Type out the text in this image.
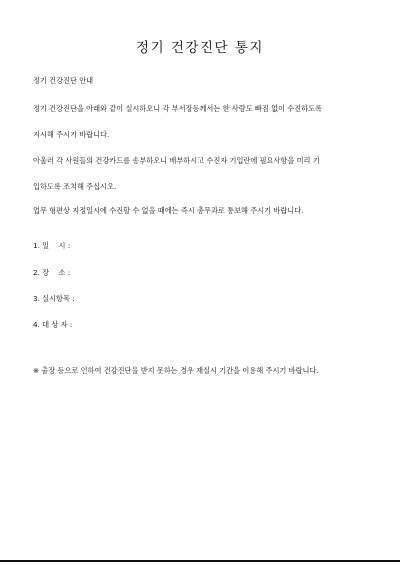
정기 건강진단 통지

정기 건강진단 안내

정기 건강진단을 아래와 같이 실시하오니 각 부서장등께서는 한 사람도 빠짐 없이 수진하도록

지시해 주시기 바랍니다.

아울러 각 사원들의 건강카드를 송부하오니 배부하시고 수진자 기입란에 필요사항을 미리 기

입하도록 조치해 주십시오.

업무 형편상 지정일시에 수진할 수 없을 때에는 즉시 총무과로 통보해 주시기 바랍니다.

1. 일　 시 :

2. 장　 소 :

3. 실시항목 :

4. 대 상 자 :

※ 출장 등으로 인하여 건강진단을 받지 못하는 경우 재실시 기간을 이용해 주시기 바랍니다.
